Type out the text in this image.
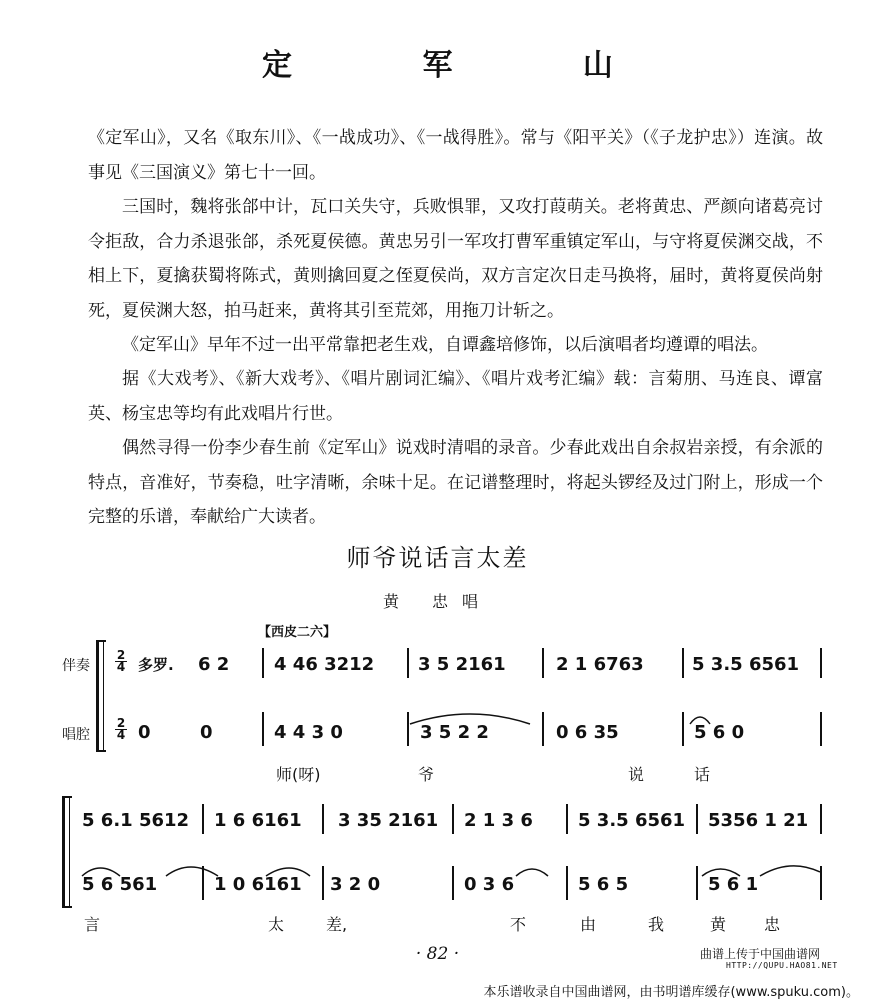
定 军 山

《定军山》，又名《取东川》、《一战成功》、《一战得胜》。常与《阳平关》（《子龙护忠》）连演。故事见《三国演义》第七十一回。

三国时，魏将张郃中计，瓦口关失守，兵败惧罪，又攻打葭萌关。老将黄忠、严颜向诸葛亮讨令拒敌，合力杀退张郃，杀死夏侯德。黄忠另引一军攻打曹军重镇定军山，与守将夏侯渊交战，不相上下，夏擒获蜀将陈式，黄则擒回夏之侄夏侯尚，双方言定次日走马换将，届时，黄将夏侯尚射死，夏侯渊大怒，拍马赶来，黄将其引至荒郊，用拖刀计斩之。

《定军山》早年不过一出平常靠把老生戏，自谭鑫培修饰，以后演唱者均遵谭的唱法。

据《大戏考》、《新大戏考》、《唱片剧词汇编》、《唱片戏考汇编》载：言菊朋、马连良、谭富英、杨宝忠等均有此戏唱片行世。

偶然寻得一份李少春生前《定军山》说戏时清唱的录音。少春此戏出自余叔岩亲授，有余派的特点，音准好，节奏稳，吐字清晰，余味十足。在记谱整理时，将起头锣经及过门附上，形成一个完整的乐谱，奉献给广大读者。

师爷说话言太差
黄 忠唱
【西皮二六】
伴奏
唱腔
2
4
2
4
多罗. 6 2 4 46 3212 3 5 2161	2 1 6763	5 3.5 6561
0	0	4 4 3 0	3 5 2 2	0 6 35	5 6 0
师(呀)	爷	说	话
5 6.1 5612 1 6 6161 3 35 2161 2 1 3 6	5 3.5 6561 5356 1 21
5 6 561	1 0 6161 3 2 0	0 3 6	5 6 5	5 6 1
言	太	差,	不	由	我	黄 忠
· 82 ·	曲谱上传于中国曲谱网
HTTP://QUPU.HAO81.NET
本乐谱收录自中国曲谱网，由书明谱库缓存(www.spuku.com)。
